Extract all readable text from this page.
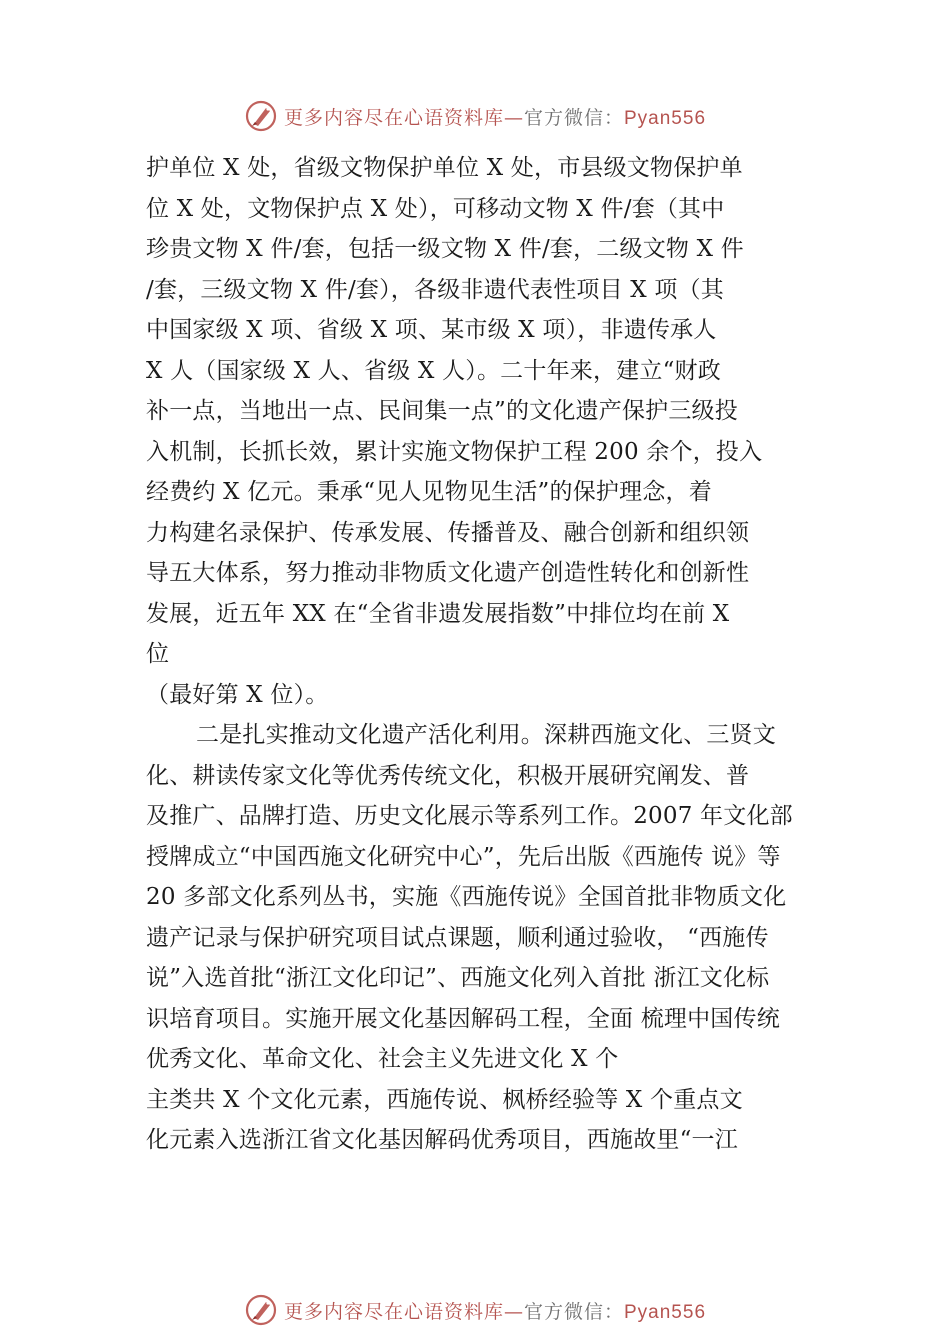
更多内容尽在心语资料库—官方微信：Pyan556
护单位 X 处，省级文物保护单位 X 处，市县级文物保护单
位 X 处，文物保护点 X 处），可移动文物 X 件/套（其中
珍贵文物 X 件/套，包括一级文物 X 件/套，二级文物 X 件
/套，三级文物 X 件/套），各级非遗代表性项目 X 项（其
中国家级 X 项、省级 X 项、某市级 X 项），非遗传承人
X 人（国家级 X 人、省级 X 人）。二十年来，建立“财政
补一点，当地出一点、民间集一点”的文化遗产保护三级投
入机制，长抓长效，累计实施文物保护工程 200 余个，投入
经费约 X 亿元。秉承“见人见物见生活”的保护理念，着
力构建名录保护、传承发展、传播普及、融合创新和组织领
导五大体系，努力推动非物质文化遗产创造性转化和创新性
发展，近五年 XX 在“全省非遗发展指数”中排位均在前 X
位
（最好第 X 位）。
二是扎实推动文化遗产活化利用。深耕西施文化、三贤文
化、耕读传家文化等优秀传统文化，积极开展研究阐发、普
及推广、品牌打造、历史文化展示等系列工作。2007 年文化部
授牌成立“中国西施文化研究中心”，先后出版《西施传 说》等
20 多部文化系列丛书，实施《西施传说》全国首批非物质文化
遗产记录与保护研究项目试点课题，顺利通过验收， “西施传
说”入选首批“浙江文化印记”、西施文化列入首批 浙江文化标
识培育项目。实施开展文化基因解码工程，全面 梳理中国传统
优秀文化、革命文化、社会主义先进文化 X 个
主类共 X 个文化元素，西施传说、枫桥经验等 X 个重点文
化元素入选浙江省文化基因解码优秀项目，西施故里“一江
更多内容尽在心语资料库—官方微信：Pyan556
